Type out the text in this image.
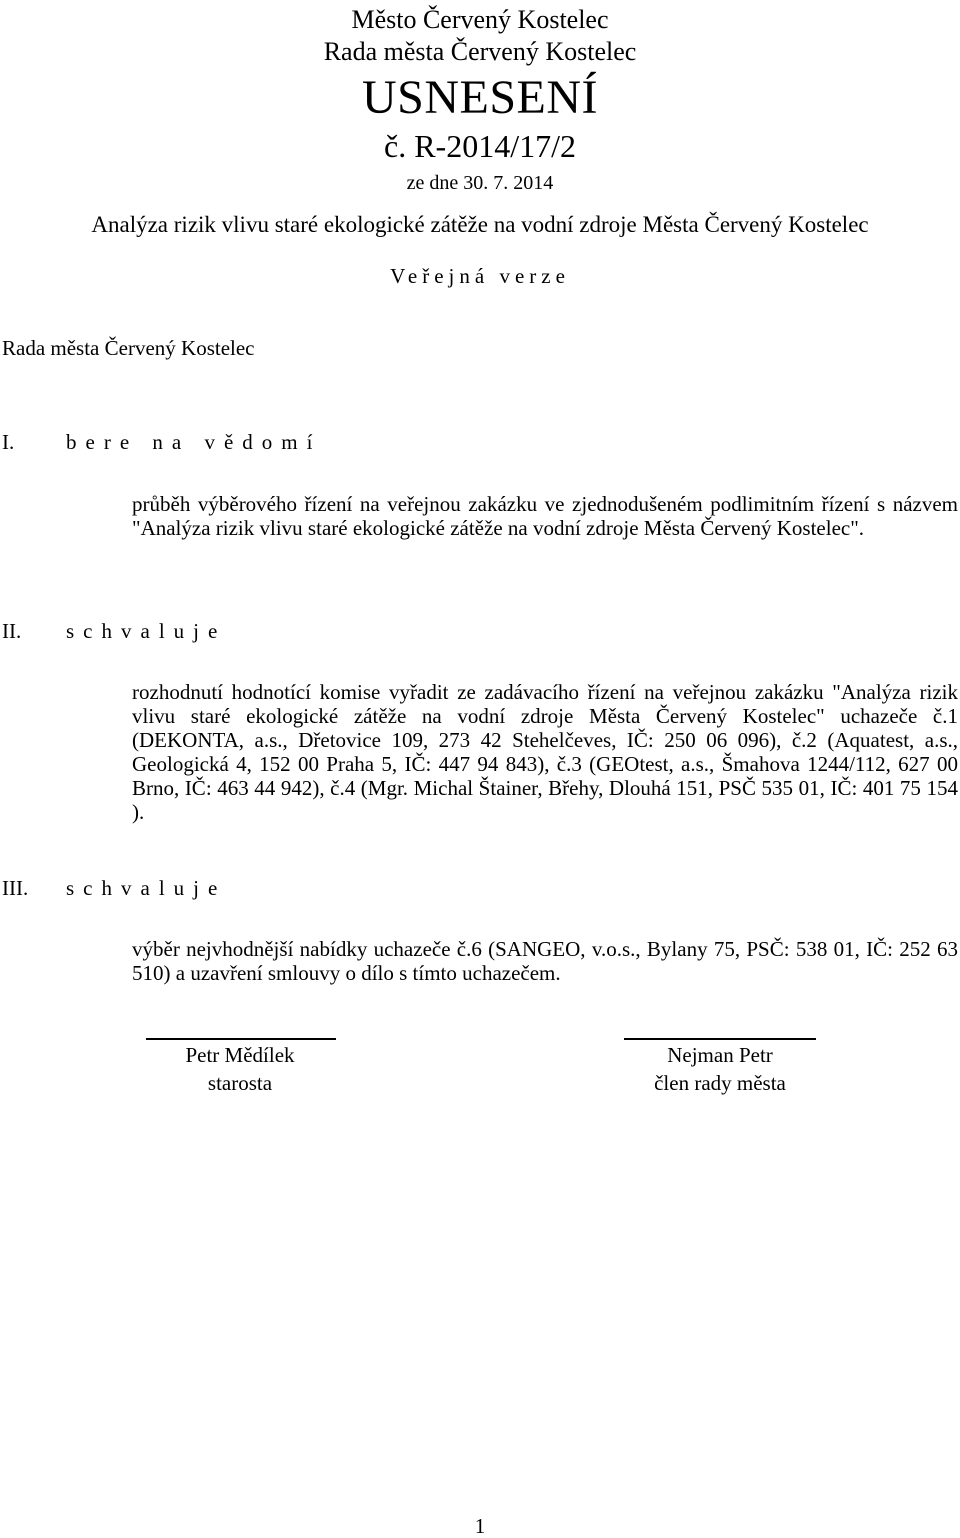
Město Červený Kostelec
Rada města Červený Kostelec
USNESENÍ
č. R-2014/17/2
ze dne 30. 7. 2014
Analýza rizik vlivu staré ekologické zátěže na vodní zdroje Města Červený Kostelec
Veřejná verze
Rada města Červený Kostelec
I. bere na vědomí
průběh výběrového řízení na veřejnou zakázku ve zjednodušeném podlimitním řízení s názvem "Analýza rizik vlivu staré ekologické zátěže na vodní zdroje Města Červený Kostelec".
II. schvaluje
rozhodnutí hodnotící komise vyřadit ze zadávacího řízení na veřejnou zakázku "Analýza rizik vlivu staré ekologické zátěže na vodní zdroje Města Červený Kostelec" uchazeče č.1 (DEKONTA, a.s., Dřetovice 109, 273 42 Stehelčeves, IČ: 250 06 096), č.2 (Aquatest, a.s., Geologická 4, 152 00 Praha 5, IČ: 447 94 843), č.3 (GEOtest, a.s., Šmahova 1244/112, 627 00 Brno, IČ: 463 44 942), č.4 (Mgr. Michal Štainer, Břehy, Dlouhá 151, PSČ 535 01, IČ: 401 75 154 ).
III. schvaluje
výběr nejvhodnější nabídky uchazeče č.6 (SANGEO, v.o.s., Bylany 75, PSČ: 538 01, IČ: 252 63 510) a uzavření smlouvy o dílo s tímto uchazečem.
Petr Mědílek
starosta
Nejman Petr
člen rady města
1
